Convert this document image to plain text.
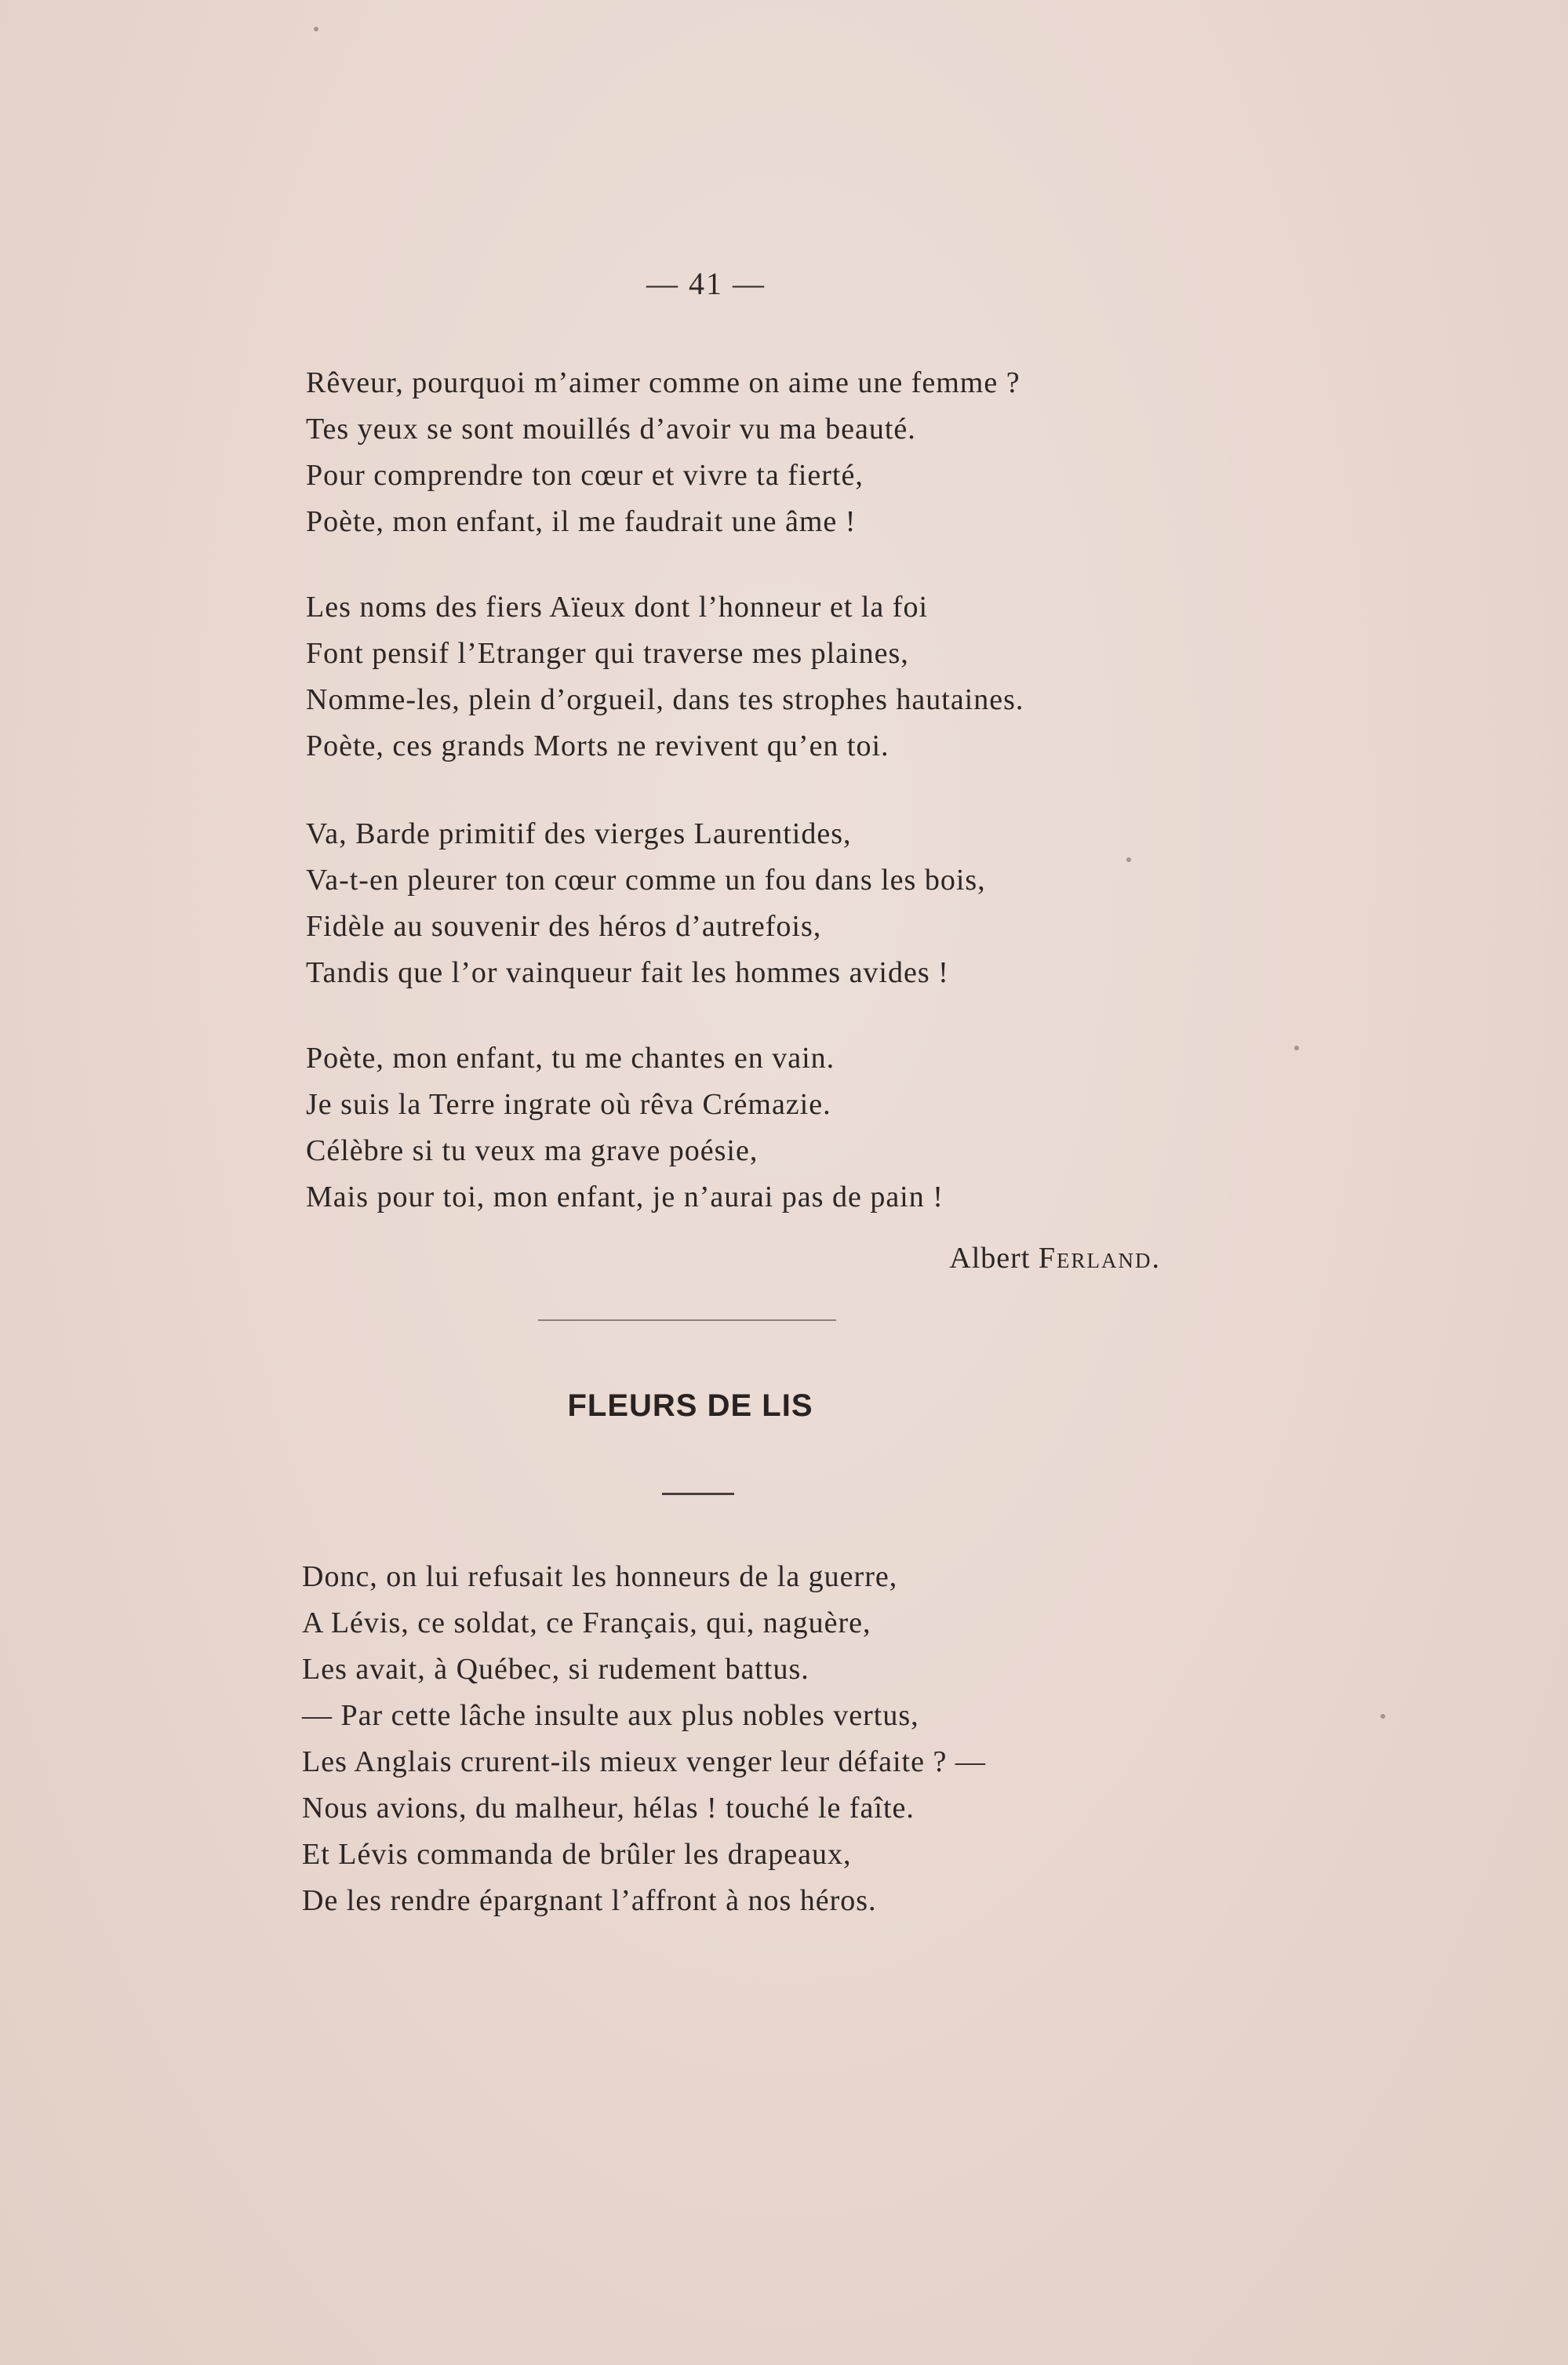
— 41 —
Rêveur, pourquoi m’aimer comme on aime une femme ?
Tes yeux se sont mouillés d’avoir vu ma beauté.
Pour comprendre ton cœur et vivre ta fierté,
Poète, mon enfant, il me faudrait une âme !
Les noms des fiers Aïeux dont l’honneur et la foi
Font pensif l’Etranger qui traverse mes plaines,
Nomme-les, plein d’orgueil, dans tes strophes hautaines.
Poète, ces grands Morts ne revivent qu’en toi.
Va, Barde primitif des vierges Laurentides,
Va-t-en pleurer ton cœur comme un fou dans les bois,
Fidèle au souvenir des héros d’autrefois,
Tandis que l’or vainqueur fait les hommes avides !
Poète, mon enfant, tu me chantes en vain.
Je suis la Terre ingrate où rêva Crémazie.
Célèbre si tu veux ma grave poésie,
Mais pour toi, mon enfant, je n’aurai pas de pain !
Albert Ferland.
FLEURS DE LIS
Donc, on lui refusait les honneurs de la guerre,
A Lévis, ce soldat, ce Français, qui, naguère,
Les avait, à Québec, si rudement battus.
— Par cette lâche insulte aux plus nobles vertus,
Les Anglais crurent-ils mieux venger leur défaite ? —
Nous avions, du malheur, hélas ! touché le faîte.
Et Lévis commanda de brûler les drapeaux,
De les rendre épargnant l’affront à nos héros.
